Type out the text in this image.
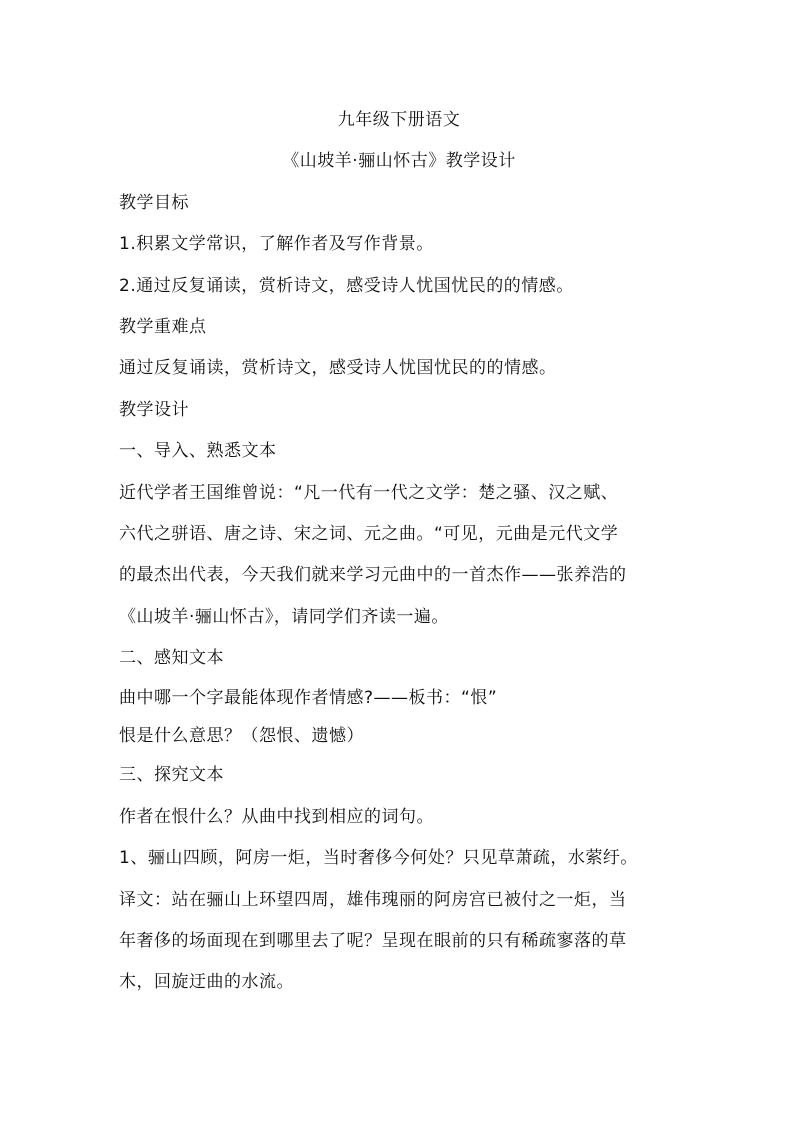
九年级下册语文
《山坡羊·骊山怀古》教学设计
教学目标
1.积累文学常识，了解作者及写作背景。
2.通过反复诵读，赏析诗文，感受诗人忧国忧民的的情感。
教学重难点
通过反复诵读，赏析诗文，感受诗人忧国忧民的的情感。
教学设计
一、导入、熟悉文本
近代学者王国维曾说：“凡一代有一代之文学：楚之骚、汉之赋、
六代之骈语、唐之诗、宋之词、元之曲。“可见，元曲是元代文学
的最杰出代表，今天我们就来学习元曲中的一首杰作——张养浩的
《山坡羊·骊山怀古》，请同学们齐读一遍。
二、感知文本
曲中哪一个字最能体现作者情感?——板书：“恨”
恨是什么意思？（怨恨、遗憾）
三、探究文本
作者在恨什么？从曲中找到相应的词句。
1、骊山四顾，阿房一炬，当时奢侈今何处？只见草萧疏，水萦纡。
译文：站在骊山上环望四周，雄伟瑰丽的阿房宫已被付之一炬，当
年奢侈的场面现在到哪里去了呢？呈现在眼前的只有稀疏寥落的草
木，回旋迂曲的水流。
